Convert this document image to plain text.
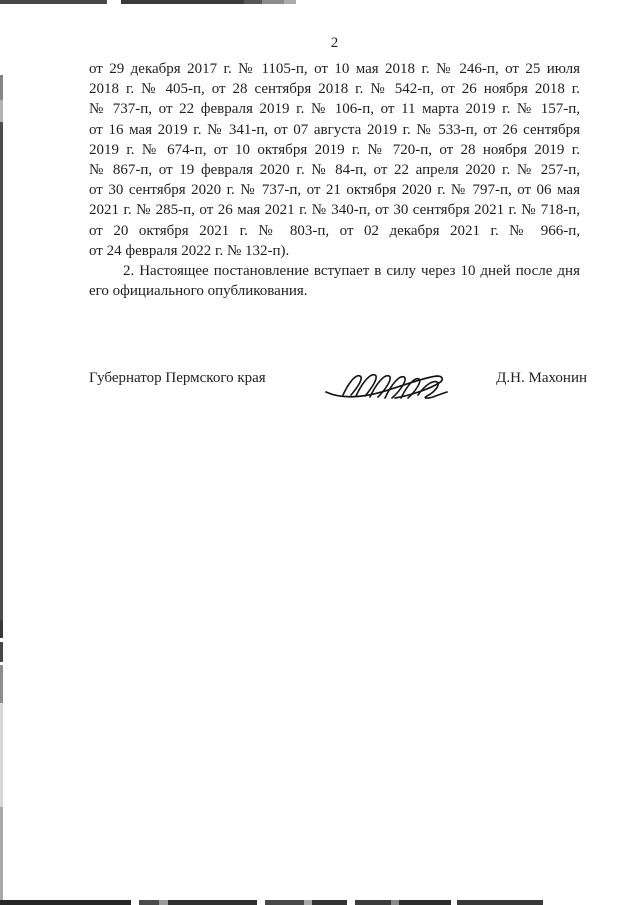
2
от 29 декабря 2017 г. № 1105-п, от 10 мая 2018 г. № 246-п, от 25 июля
2018 г. № 405-п, от 28 сентября 2018 г. № 542-п, от 26 ноября 2018 г.
№ 737-п, от 22 февраля 2019 г. № 106-п, от 11 марта 2019 г. № 157-п,
от 16 мая 2019 г. № 341-п, от 07 августа 2019 г. № 533-п, от 26 сентября
2019 г. № 674-п, от 10 октября 2019 г. № 720-п, от 28 ноября 2019 г.
№ 867-п, от 19 февраля 2020 г. № 84-п, от 22 апреля 2020 г. № 257-п,
от 30 сентября 2020 г. № 737-п, от 21 октября 2020 г. № 797-п, от 06 мая
2021 г. № 285-п, от 26 мая 2021 г. № 340-п, от 30 сентября 2021 г. № 718-п,
от 20 октября 2021 г. № 803-п, от 02 декабря 2021 г. № 966-п,
от 24 февраля 2022 г. № 132-п).
2. Настоящее постановление вступает в силу через 10 дней после дня
его официального опубликования.
Губернатор Пермского края	Д.Н. Махонин
